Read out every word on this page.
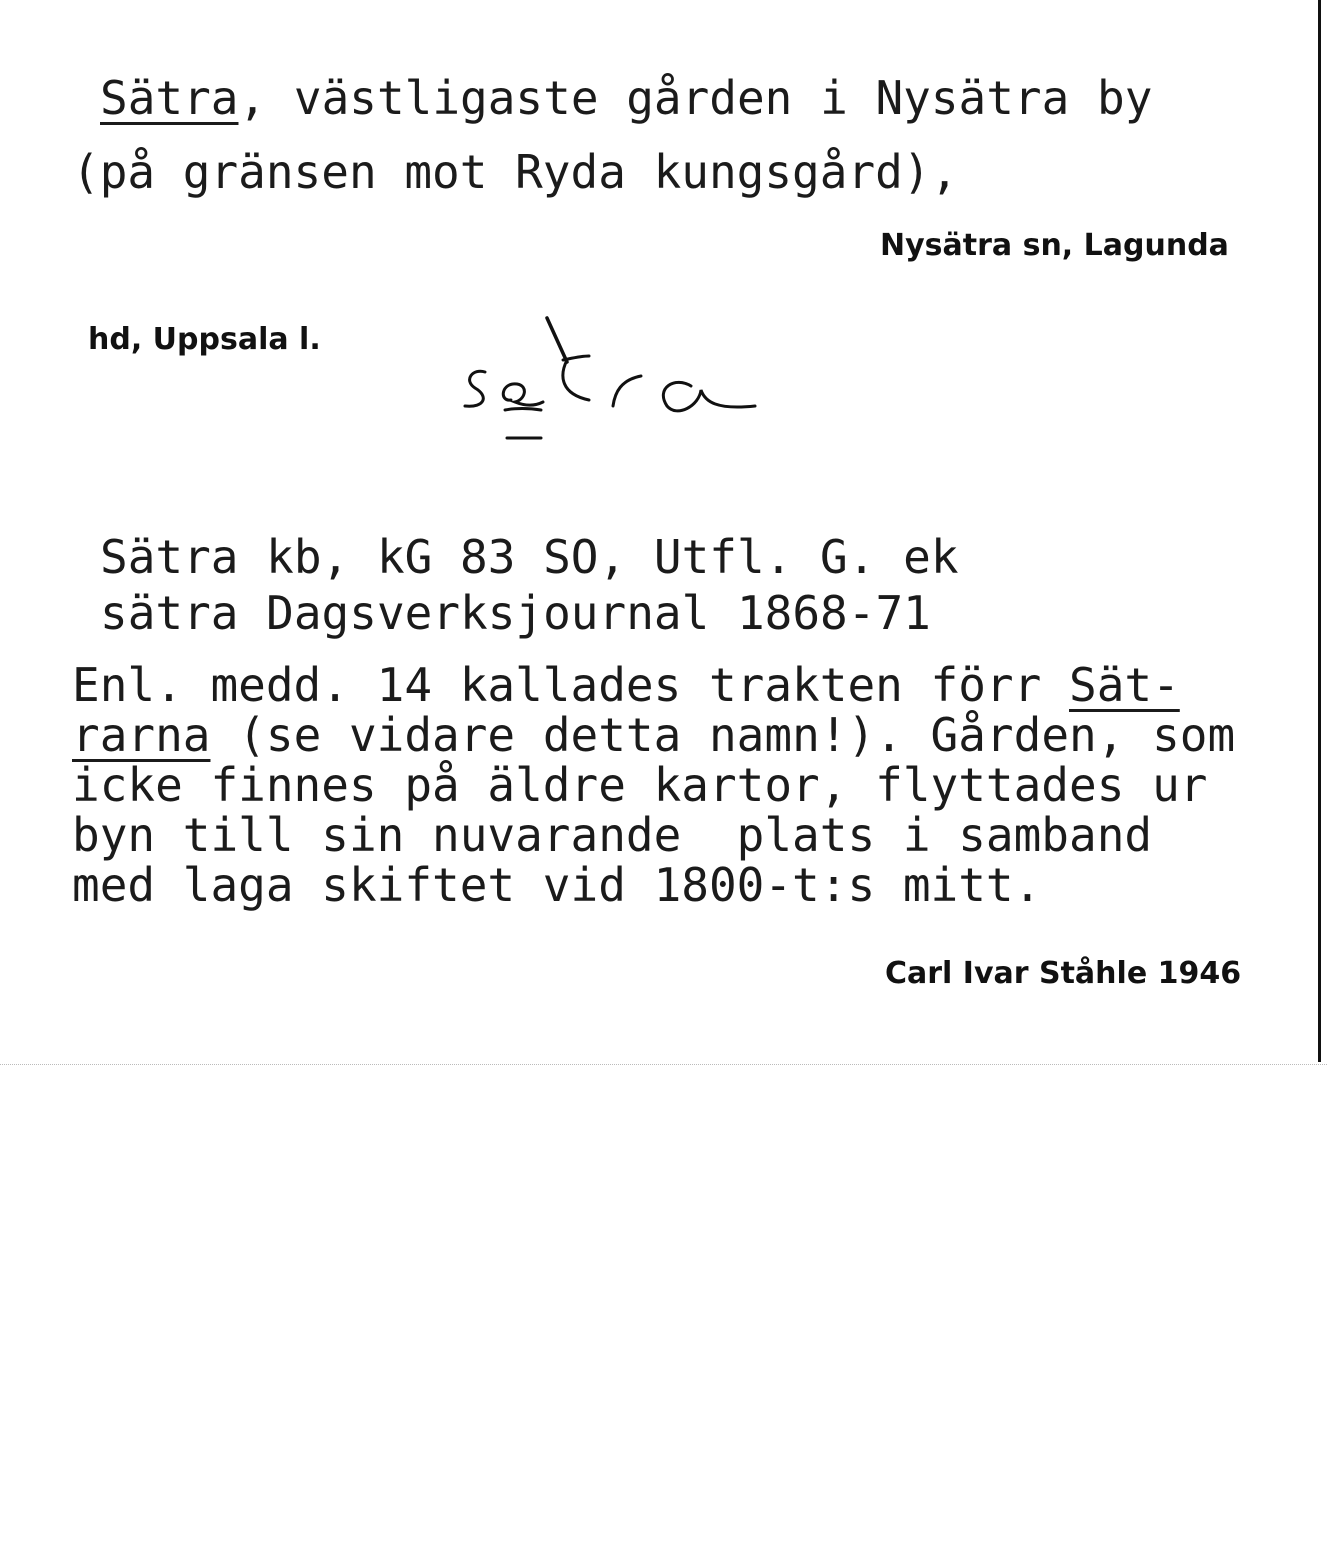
Sätra, västligaste gården i Nysätra by
(på gränsen mot Ryda kungsgård),
Nysätra sn, Lagunda
hd, Uppsala l.
sètra
Sätra kb, kG 83 SO, Utfl. G. ek
sätra Dagsverksjournal 1868-71
Enl. medd. 14 kallades trakten förr Sät-
rarna (se vidare detta namn!). Gården, som
icke finnes på äldre kartor, flyttades ur
byn till sin nuvarande  plats i samband
med laga skiftet vid 1800-t:s mitt.
Carl Ivar Ståhle 1946
